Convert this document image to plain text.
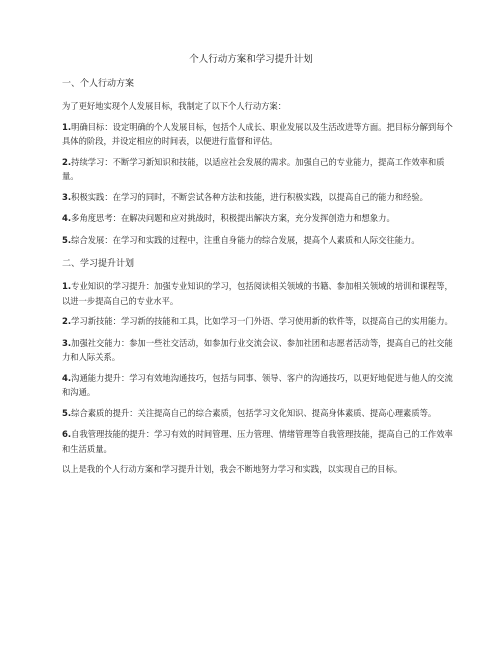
个人行动方案和学习提升计划
一、个人行动方案
为了更好地实现个人发展目标，我制定了以下个人行动方案：
1.明确目标：设定明确的个人发展目标，包括个人成长、职业发展以及生活改进等方面。把目标分解到每个具体的阶段，并设定相应的时间表，以便进行监督和评估。
2.持续学习：不断学习新知识和技能，以适应社会发展的需求。加强自己的专业能力，提高工作效率和质量。
3.积极实践：在学习的同时，不断尝试各种方法和技能，进行积极实践，以提高自己的能力和经验。
4.多角度思考：在解决问题和应对挑战时，积极提出解决方案，充分发挥创造力和想象力。
5.综合发展：在学习和实践的过程中，注重自身能力的综合发展，提高个人素质和人际交往能力。
二、学习提升计划
1.专业知识的学习提升：加强专业知识的学习，包括阅读相关领域的书籍、参加相关领域的培训和课程等，以进一步提高自己的专业水平。
2.学习新技能：学习新的技能和工具，比如学习一门外语、学习使用新的软件等，以提高自己的实用能力。
3.加强社交能力：参加一些社交活动，如参加行业交流会议、参加社团和志愿者活动等，提高自己的社交能力和人际关系。
4.沟通能力提升：学习有效地沟通技巧，包括与同事、领导、客户的沟通技巧，以更好地促进与他人的交流和沟通。
5.综合素质的提升：关注提高自己的综合素质，包括学习文化知识、提高身体素质、提高心理素质等。
6.自我管理技能的提升：学习有效的时间管理、压力管理、情绪管理等自我管理技能，提高自己的工作效率和生活质量。
以上是我的个人行动方案和学习提升计划，我会不断地努力学习和实践，以实现自己的目标。
